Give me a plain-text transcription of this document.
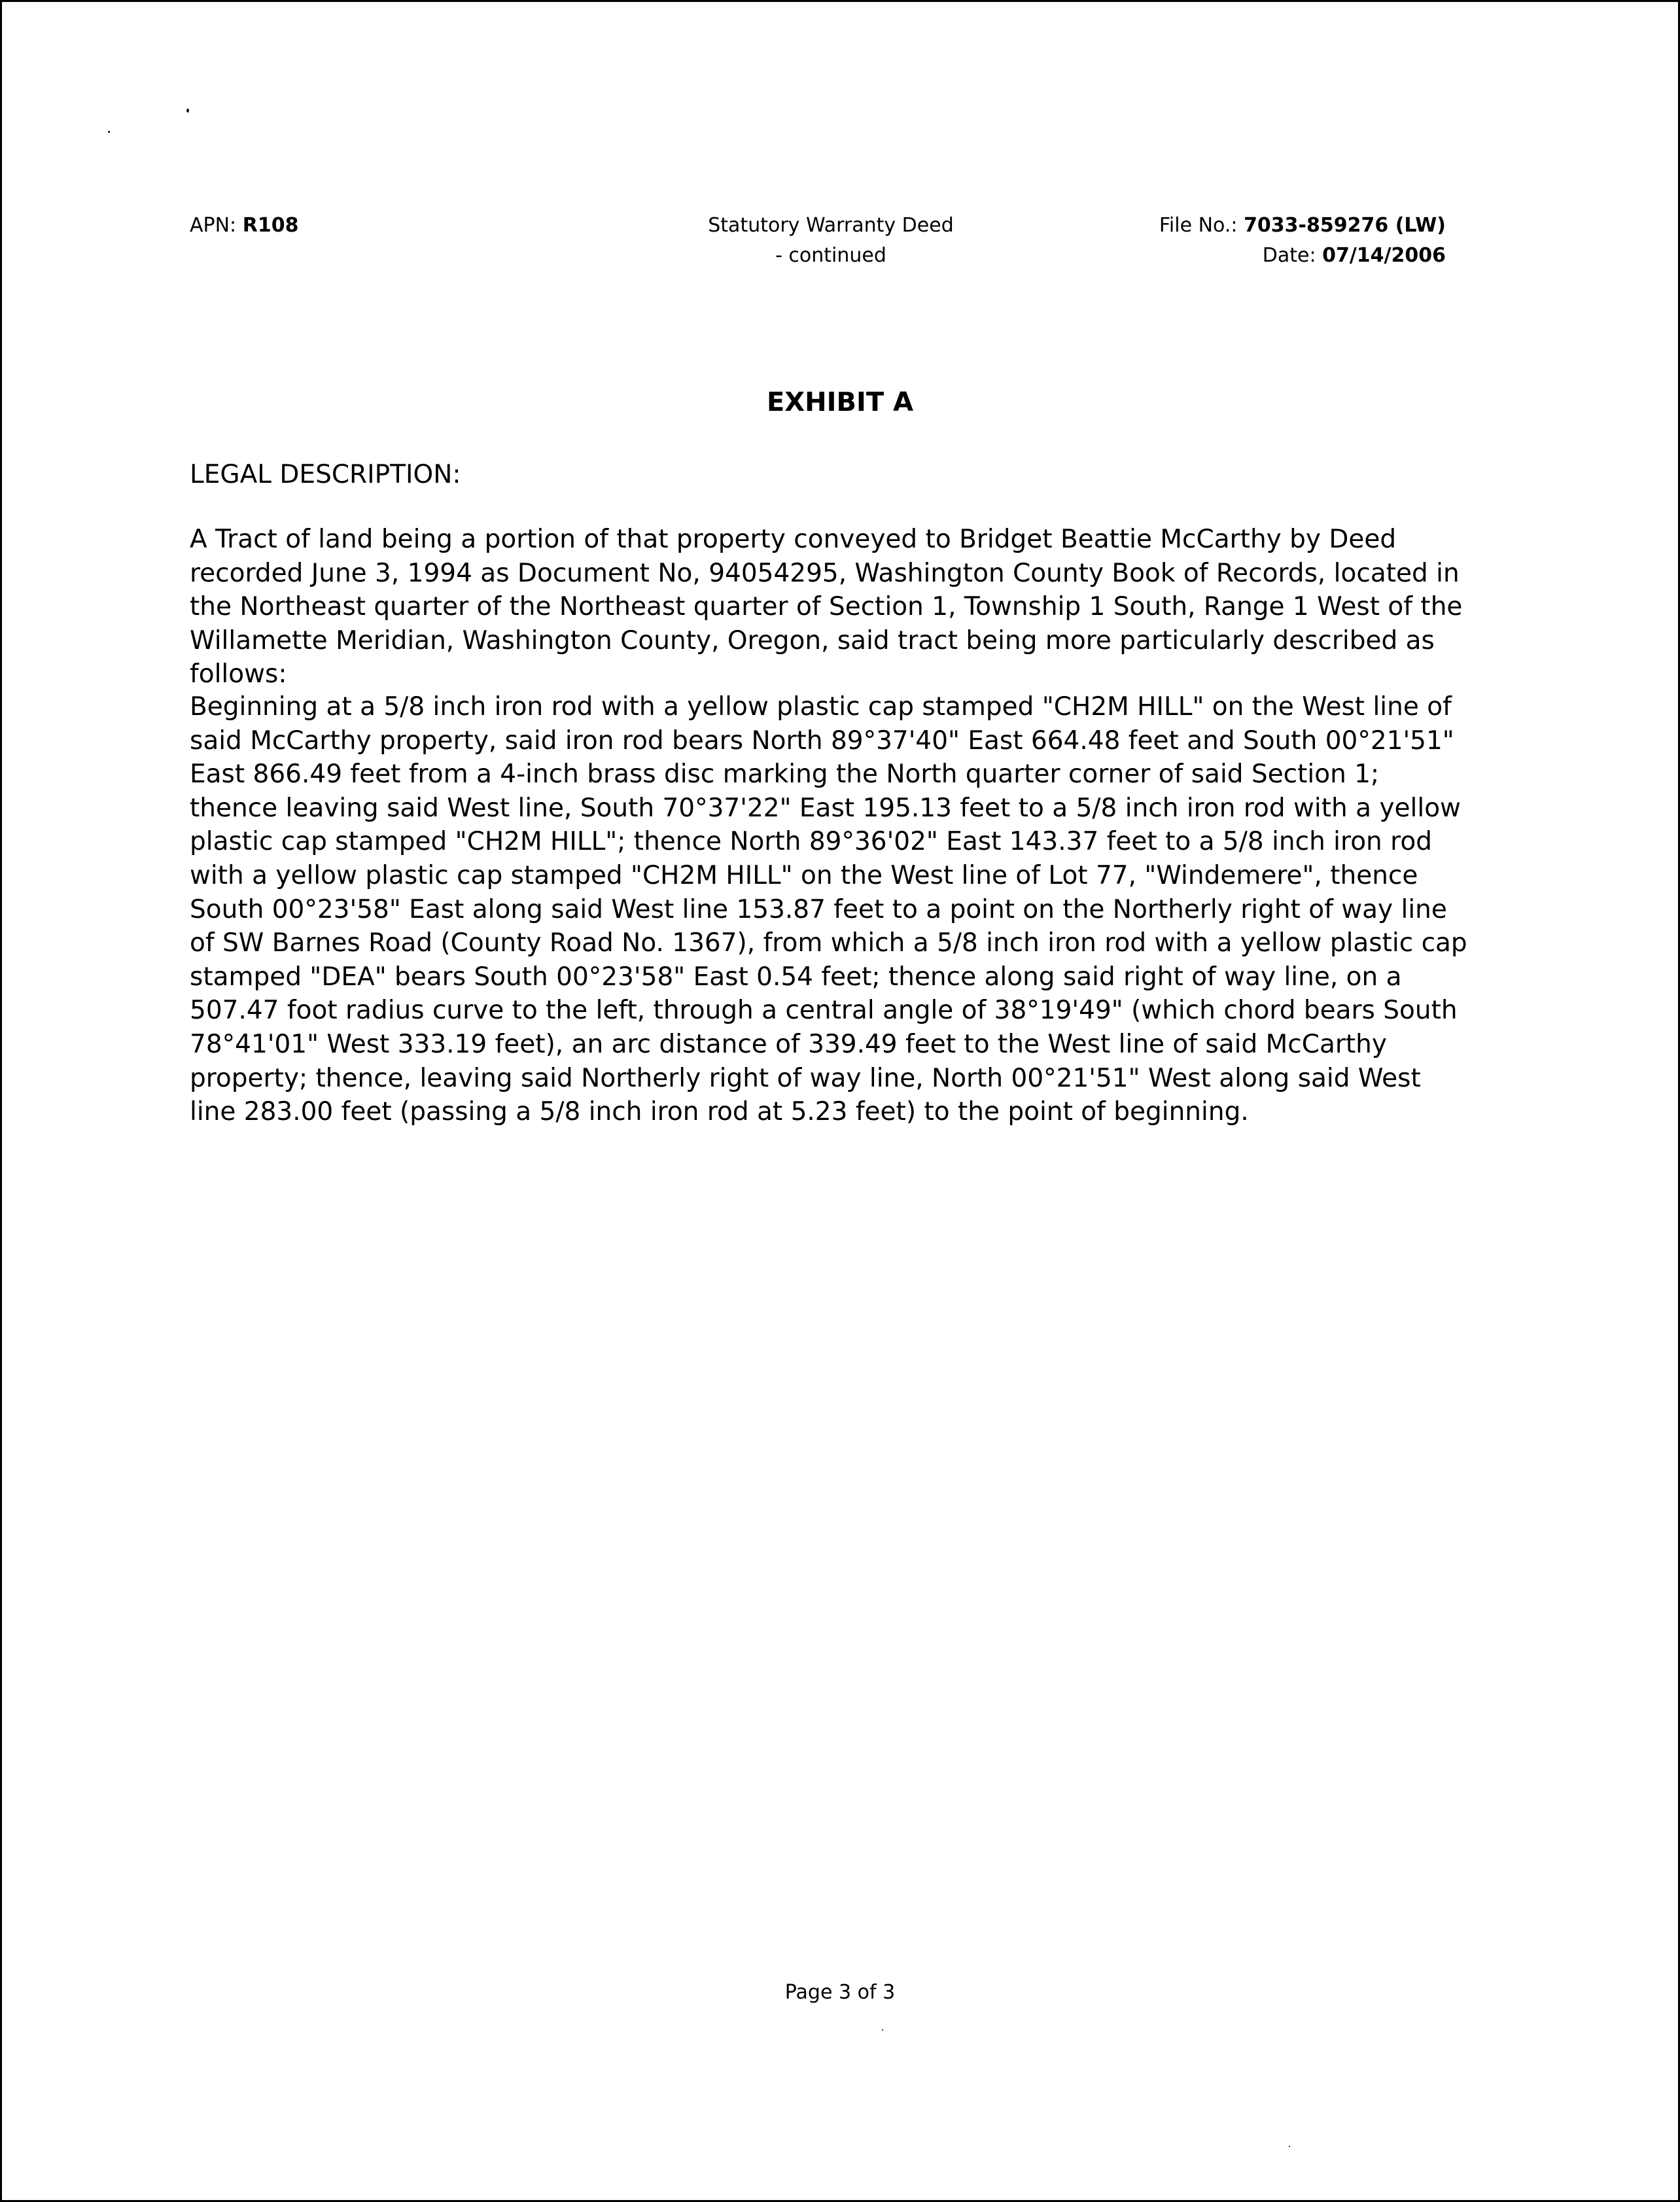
APN: R108	Statutory Warranty Deed
- continued
File No.: 7033-859276 (LW)
Date: 07/14/2006
EXHIBIT A
LEGAL DESCRIPTION:
A Tract of land being a portion of that property conveyed to Bridget Beattie McCarthy by Deed recorded June 3, 1994 as Document No, 94054295, Washington County Book of Records, located in the Northeast quarter of the Northeast quarter of Section 1, Township 1 South, Range 1 West of the Willamette Meridian, Washington County, Oregon, said tract being more particularly described as follows:
Beginning at a 5/8 inch iron rod with a yellow plastic cap stamped "CH2M HILL" on the West line of said McCarthy property, said iron rod bears North 89°37'40" East 664.48 feet and South 00°21'51" East 866.49 feet from a 4-inch brass disc marking the North quarter corner of said Section 1; thence leaving said West line, South 70°37'22" East 195.13 feet to a 5/8 inch iron rod with a yellow plastic cap stamped "CH2M HILL"; thence North 89°36'02" East 143.37 feet to a 5/8 inch iron rod with a yellow plastic cap stamped "CH2M HILL" on the West line of Lot 77, "Windemere", thence South 00°23'58" East along said West line 153.87 feet to a point on the Northerly right of way line of SW Barnes Road (County Road No. 1367), from which a 5/8 inch iron rod with a yellow plastic cap stamped "DEA" bears South 00°23'58" East 0.54 feet; thence along said right of way line, on a 507.47 foot radius curve to the left, through a central angle of 38°19'49" (which chord bears South 78°41'01" West 333.19 feet), an arc distance of 339.49 feet to the West line of said McCarthy property; thence, leaving said Northerly right of way line, North 00°21'51" West along said West line 283.00 feet (passing a 5/8 inch iron rod at 5.23 feet) to the point of beginning.
Page 3 of 3
